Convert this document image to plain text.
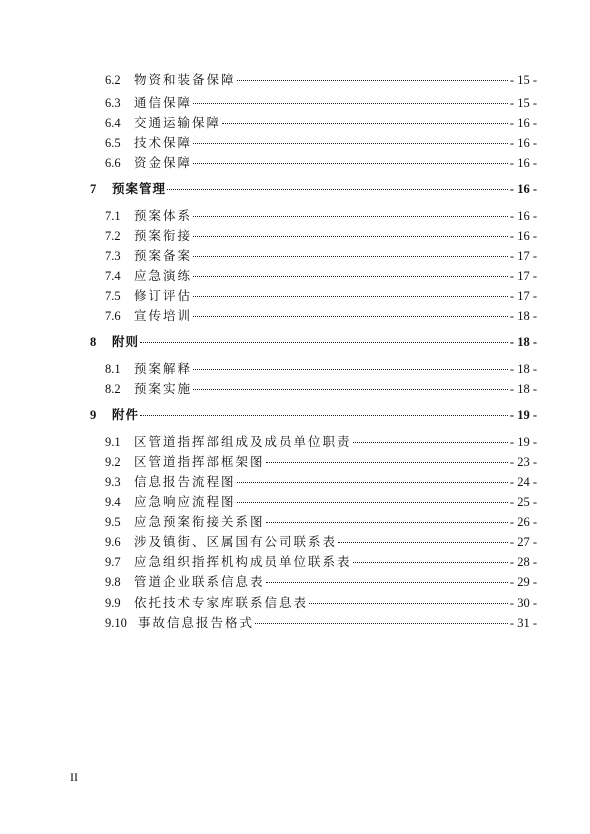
6.2	物资和装备保障	- 15 -
6.3	通信保障	- 15 -
6.4	交通运输保障	- 16 -
6.5	技术保障	- 16 -
6.6	资金保障	- 16 -
7	预案管理	- 16 -
7.1	预案体系	- 16 -
7.2	预案衔接	- 16 -
7.3	预案备案	- 17 -
7.4	应急演练	- 17 -
7.5	修订评估	- 17 -
7.6	宣传培训	- 18 -
8	附则	- 18 -
8.1	预案解释	- 18 -
8.2	预案实施	- 18 -
9	附件	- 19 -
9.1	区管道指挥部组成及成员单位职责	- 19 -
9.2	区管道指挥部框架图	- 23 -
9.3	信息报告流程图	- 24 -
9.4	应急响应流程图	- 25 -
9.5	应急预案衔接关系图	- 26 -
9.6	涉及镇街、区属国有公司联系表	- 27 -
9.7	应急组织指挥机构成员单位联系表	- 28 -
9.8	管道企业联系信息表	- 29 -
9.9	依托技术专家库联系信息表	- 30 -
9.10 事故信息报告格式	- 31 -
II
